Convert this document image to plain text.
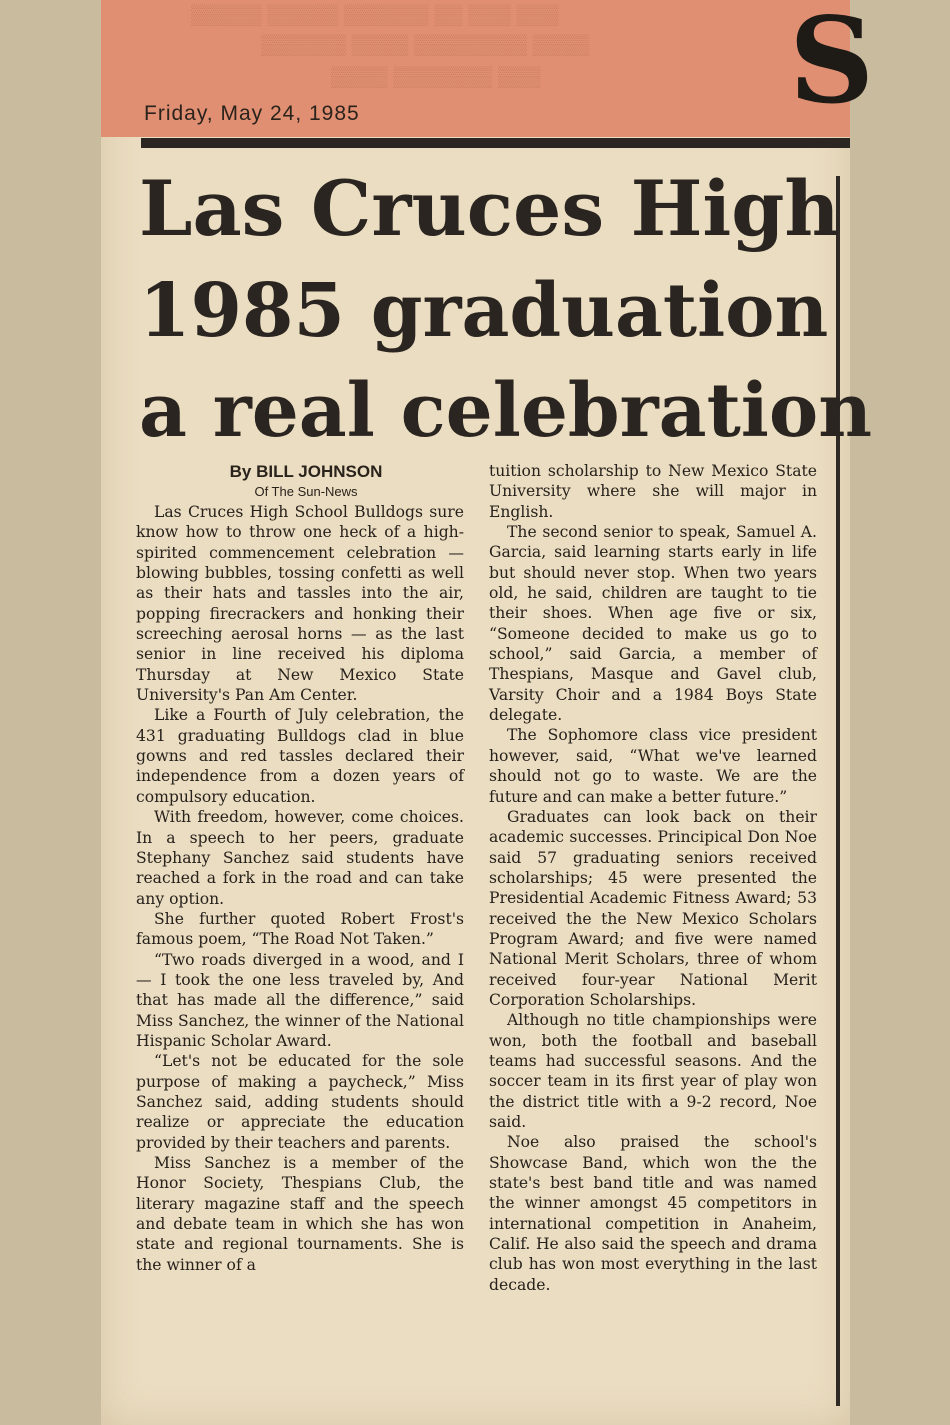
▒▒▒▒▒ ▒▒▒▒▒ ▒▒▒▒▒▒ ▒▒ ▒▒▒ ▒▒▒
▒▒▒▒▒▒ ▒▒▒▒ ▒▒▒▒▒▒▒▒ ▒▒▒▒
▒▒▒▒ ▒▒▒▒▒▒▒ ▒▒▒ S
Friday, May 24, 1985
Las Cruces High
1985 graduation
a real celebration
By BILL JOHNSON
Of The Sun-News

Las Cruces High School Bulldogs sure know how to throw one heck of a high-spirited commencement celebration — blowing bubbles, tossing confetti as well as their hats and tassles into the air, popping firecrackers and honking their screeching aerosal horns — as the last senior in line received his diploma Thursday at New Mexico State University's Pan Am Center.

Like a Fourth of July celebration, the 431 graduating Bulldogs clad in blue gowns and red tassles declared their independence from a dozen years of compulsory education.

With freedom, however, come choices. In a speech to her peers, graduate Stephany Sanchez said students have reached a fork in the road and can take any option.

She further quoted Robert Frost's famous poem, “The Road Not Taken.”

“Two roads diverged in a wood, and I — I took the one less traveled by, And that has made all the difference,” said Miss Sanchez, the winner of the National Hispanic Scholar Award.

“Let's not be educated for the sole purpose of making a paycheck,” Miss Sanchez said, adding students should realize or appreciate the education provided by their teachers and parents.

Miss Sanchez is a member of the Honor Society, Thespians Club, the literary magazine staff and the speech and debate team in which she has won state and regional tournaments. She is the winner of a

tuition scholarship to New Mexico State University where she will major in English.

The second senior to speak, Samuel A. Garcia, said learning starts early in life but should never stop. When two years old, he said, children are taught to tie their shoes. When age five or six, “Someone decided to make us go to school,” said Garcia, a member of Thespians, Masque and Gavel club, Varsity Choir and a 1984 Boys State delegate.

The Sophomore class vice president however, said, “What we've learned should not go to waste. We are the future and can make a better future.”

Graduates can look back on their academic successes. Principical Don Noe said 57 graduating seniors received scholarships; 45 were presented the Presidential Academic Fitness Award; 53 received the the New Mexico Scholars Program Award; and five were named National Merit Scholars, three of whom received four-year National Merit Corporation Scholarships.

Although no title championships were won, both the football and baseball teams had successful seasons. And the soccer team in its first year of play won the district title with a 9-2 record, Noe said.

Noe also praised the school's Showcase Band, which won the the state's best band title and was named the winner amongst 45 competitors in international competition in Anaheim, Calif. He also said the speech and drama club has won most everything in the last decade.
